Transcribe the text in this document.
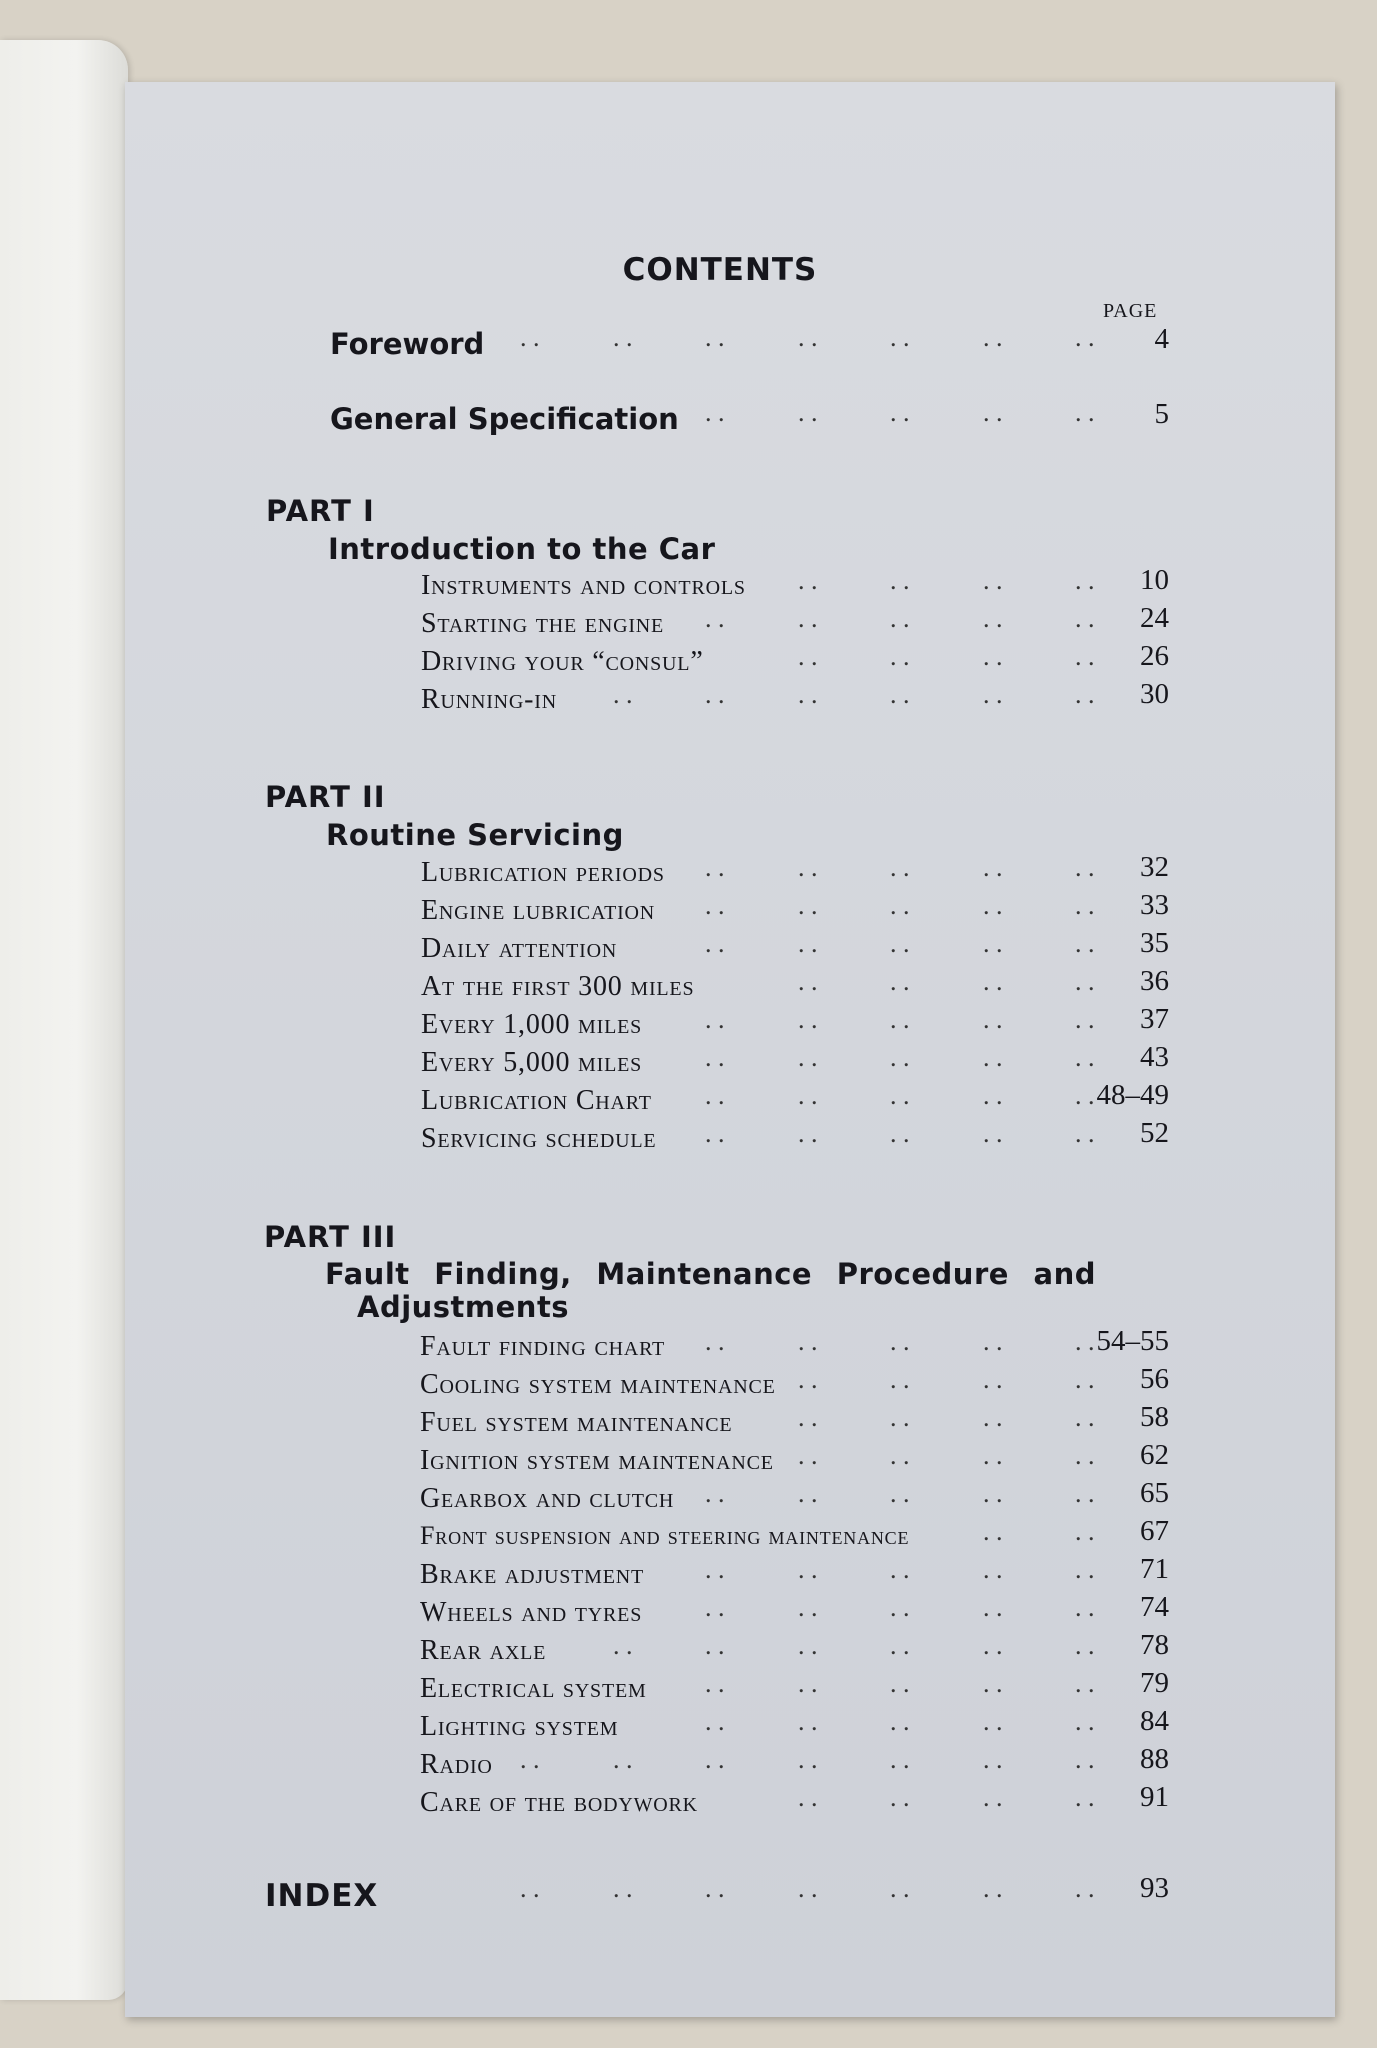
CONTENTS
PAGE
Foreword	4
. .	. .	. .	. .	. .	. .	. .
General Specification	5
. .	. .	. .	. .	. .
PART I
Introduction to the Car
Instruments and controls	10
. .	. .	. .	. .
Starting the engine	24
. .	. .	. .	. .	. .
Driving your “consul”	26
. .	. .	. .	. .
Running-in	30
. .	. .	. .	. .	. .	. .
PART II
Routine Servicing
Lubrication periods	32
. .	. .	. .	. .	. .
Engine lubrication	33
. .	. .	. .	. .	. .
Daily attention	35
. .	. .	. .	. .	. .
At the first 300 miles	36
. .	. .	. .	. .
Every 1,000 miles	37
. .	. .	. .	. .	. .
Every 5,000 miles	43
. .	. .	. .	. .	. .
Lubrication Chart	48–49
. .	. .	. .	. .	. .
Servicing schedule	52
. .	. .	. .	. .	. .
PART III
Fault Finding, Maintenance Procedure and
Adjustments
Fault finding chart	54–55
. .	. .	. .	. .	. .
Cooling system maintenance	56
. .	. .	. .	. .
Fuel system maintenance	58
. .	. .	. .	. .
Ignition system maintenance	62
. .	. .	. .	. .
Gearbox and clutch	65
. .	. .	. .	. .	. .
Front suspension and steering maintenance	67
. .	. .
Brake adjustment	71
. .	. .	. .	. .	. .
Wheels and tyres	74
. .	. .	. .	. .	. .
Rear axle	78
. .	. .	. .	. .	. .	. .
Electrical system	79
. .	. .	. .	. .	. .
Lighting system	84
. .	. .	. .	. .	. .
Radio	88
. .	. .	. .	. .	. .	. .	. .
Care of the bodywork	91
. .	. .	. .	. .
INDEX	93
. .	. .	. .	. .	. .	. .	. .
